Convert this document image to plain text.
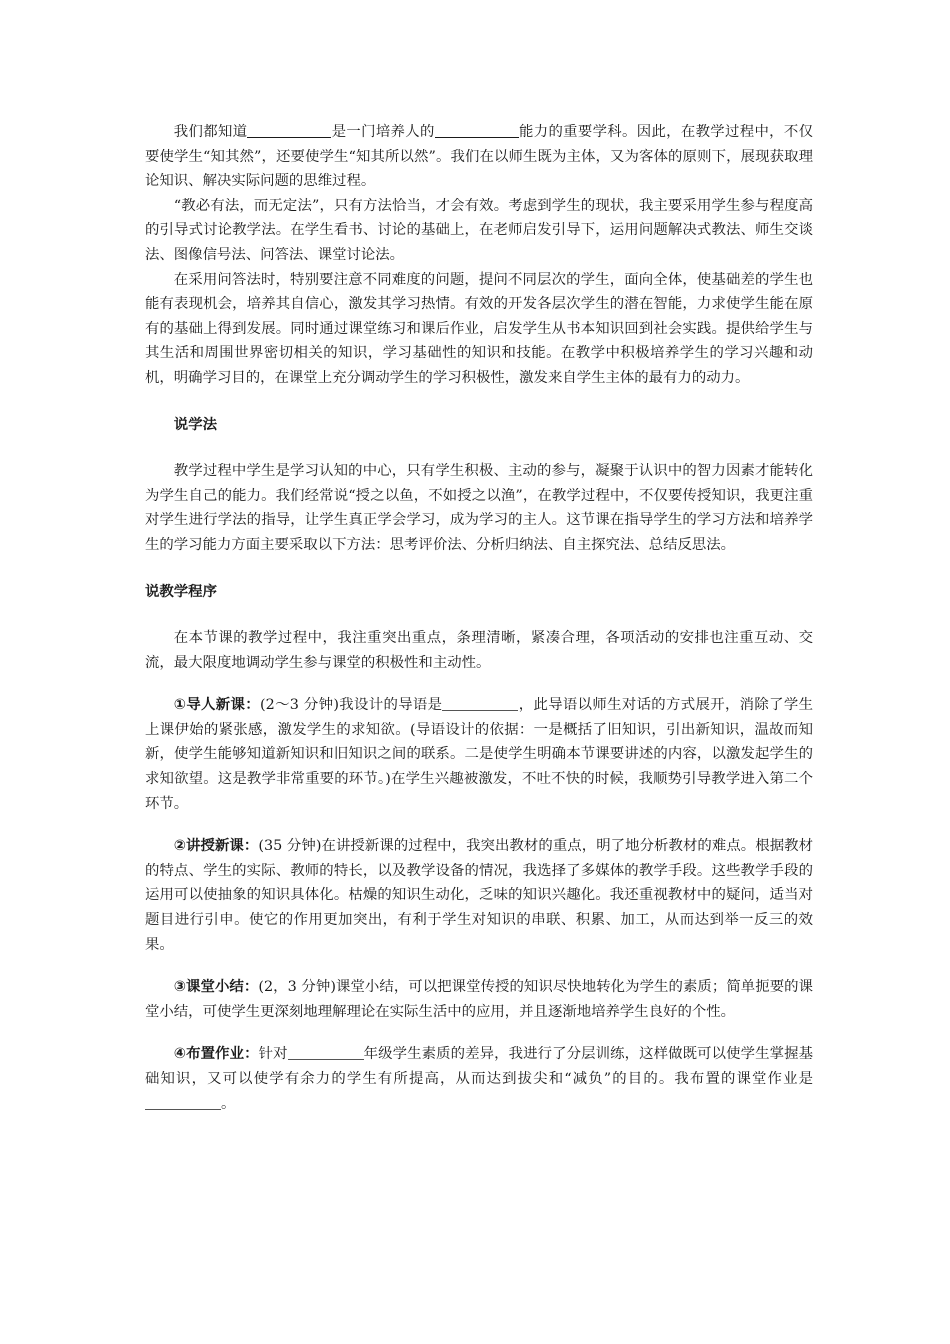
我们都知道	是一门培养人的	能力的重要学科。因此，在教学过程中，不仅要使学生“知其然”，还要使学生“知其所以然”。我们在以师生既为主体，又为客体的原则下，展现获取理论知识、解决实际问题的思维过程。

“教必有法，而无定法”，只有方法恰当，才会有效。考虑到学生的现状，我主要采用学生参与程度高的引导式讨论教学法。在学生看书、讨论的基础上，在老师启发引导下，运用问题解决式教法、师生交谈法、图像信号法、问答法、课堂讨论法。

在采用问答法时，特别要注意不同难度的问题，提问不同层次的学生，面向全体，使基础差的学生也能有表现机会，培养其自信心，激发其学习热情。有效的开发各层次学生的潜在智能，力求使学生能在原有的基础上得到发展。同时通过课堂练习和课后作业，启发学生从书本知识回到社会实践。提供给学生与其生活和周围世界密切相关的知识，学习基础性的知识和技能。在教学中积极培养学生的学习兴趣和动机，明确学习目的，在课堂上充分调动学生的学习积极性，激发来自学生主体的最有力的动力。

说学法

教学过程中学生是学习认知的中心，只有学生积极、主动的参与，凝聚于认识中的智力因素才能转化为学生自己的能力。我们经常说“授之以鱼，不如授之以渔”，在教学过程中，不仅要传授知识，我更注重对学生进行学法的指导，让学生真正学会学习，成为学习的主人。这节课在指导学生的学习方法和培养学生的学习能力方面主要采取以下方法：思考评价法、分析归纳法、自主探究法、总结反思法。

说教学程序

在本节课的教学过程中，我注重突出重点，条理清晰，紧凑合理，各项活动的安排也注重互动、交流，最大限度地调动学生参与课堂的积极性和主动性。

①导人新课：(2～3 分钟)我设计的导语是	，此导语以师生对话的方式展开，消除了学生上课伊始的紧张感，激发学生的求知欲。(导语设计的依据：一是概括了旧知识，引出新知识，温故而知新，使学生能够知道新知识和旧知识之间的联系。二是使学生明确本节课要讲述的内容，以激发起学生的求知欲望。这是教学非常重要的环节。)在学生兴趣被激发，不吐不快的时候，我顺势引导教学进入第二个环节。

②讲授新课：(35 分钟)在讲授新课的过程中，我突出教材的重点，明了地分析教材的难点。根据教材的特点、学生的实际、教师的特长，以及教学设备的情况，我选择了多媒体的教学手段。这些教学手段的运用可以使抽象的知识具体化。枯燥的知识生动化，乏味的知识兴趣化。我还重视教材中的疑问，适当对题目进行引申。使它的作用更加突出，有利于学生对知识的串联、积累、加工，从而达到举一反三的效果。

③课堂小结：(2，3 分钟)课堂小结，可以把课堂传授的知识尽快地转化为学生的素质；简单扼要的课堂小结，可使学生更深刻地理解理论在实际生活中的应用，并且逐渐地培养学生良好的个性。

④布置作业：针对	年级学生素质的差异，我进行了分层训练，这样做既可以使学生掌握基础知识，又可以使学有余力的学生有所提高，从而达到拔尖和“减负”的目的。我布置的课堂作业是。
